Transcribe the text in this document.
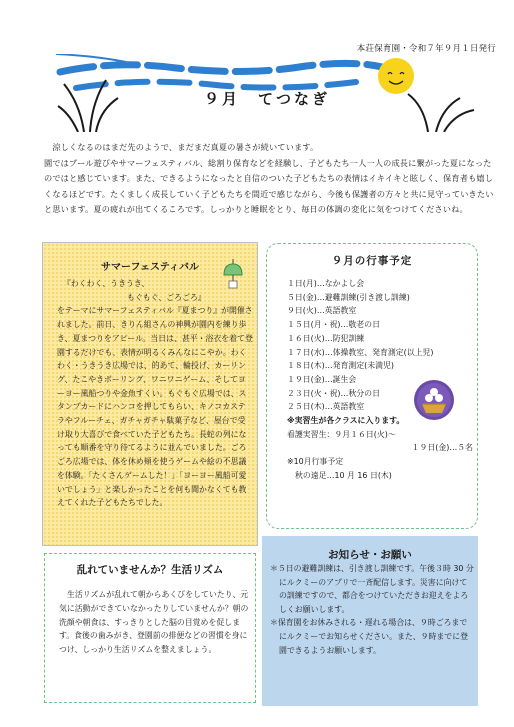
本荘保育園・令和７年９月１日発行
９月　てつなぎ
　涼しくなるのはまだ先のようで、まだまだ真夏の暑さが続いています。
園ではプール遊びやサマーフェスティバル、総割り保育などを経験し、子どもたち一人一人の成長に繋がった夏になったのではと感じています。また、できるようになったと自信のついた子どもたちの表情はイキイキと眩しく、保育者も嬉しくなるほどです。たくましく成長していく子どもたちを間近で感じながら、今後も保護者の方々と共に見守っていきたいと思います。夏の疲れが出てくるころです。しっかりと睡眠をとり、毎日の体調の変化に気をつけてくださいね。
サマーフェスティバル

『わくわく、うきうき、

もぐもぐ、ごろごろ』

をテーマにサマーフェスティバル『夏まつり』が開催されました。前日、きりん組さんの神興が園内を練り歩き、夏まつりをアピール。当日は、甚平・浴衣を着て登園するだけでも、表情が明るくみんなにこやか。わくわく・うきうき広場では、的あて、輪投げ、カーリング、たこやきボーリング、ワニワニゲーム、そしてヨーヨー風船つりや金魚すくい。もぐもぐ広場では、スタンプカードにハンコを押してもらい、キノコカステラやフルーチェ、ガチャガチャ駄菓子など、屋台で受け取り大喜びで食べていた子どもたち。長蛇の列になっても順番を守り待てるように並んでいました。ごろごろ広場では、体を休め頬を使うゲームや絵の不思議を体験。「たくさんゲームした！」「ヨーヨー風船可愛いでしょう」と楽しかったことを何も聞かなくても教えてくれた子どもたちでした。

９月の行事予定
１日(月)…なかよし会
５日(金)…避難訓練(引き渡し訓練)
９日(火)…英語教室
１５日(月・祝)…敬老の日
１６日(火)…防犯訓練
１７日(水)…体操教室、発育測定(以上児)
１８日(木)…発育測定(未満児)
１９日(金)…誕生会
２３日(火・祝)…秋分の日
２５日(木)…英語教室
※実習生が各クラスに入ります。
看護実習生：９月１６日(火)～
１９日(金)…５名
※10月行事予定
秋の遠足…10 月 16 日(木)
乱れていませんか？生活リズム
生活リズムが乱れて朝からあくびをしていたり、元気に活動ができていなかったりしていませんか？朝の洗顔や朝食は、すっきりとした脳の目覚めを促します。食後の歯みがき、登園前の排便などの習慣を身につけ、しっかり生活リズムを整えましょう。
お知らせ・お願い

＊５日の避難訓練は、引き渡し訓練です。午後３時 30 分にルクミーのアプリで一斉配信します。災害に向けての訓練ですので、都合をつけていただきお迎えをよろしくお願いします。

＊保育園をお休みされる・遅れる場合は、９時ごろまでにルクミーでお知らせください。また、９時までに登園できるようお願いします。
